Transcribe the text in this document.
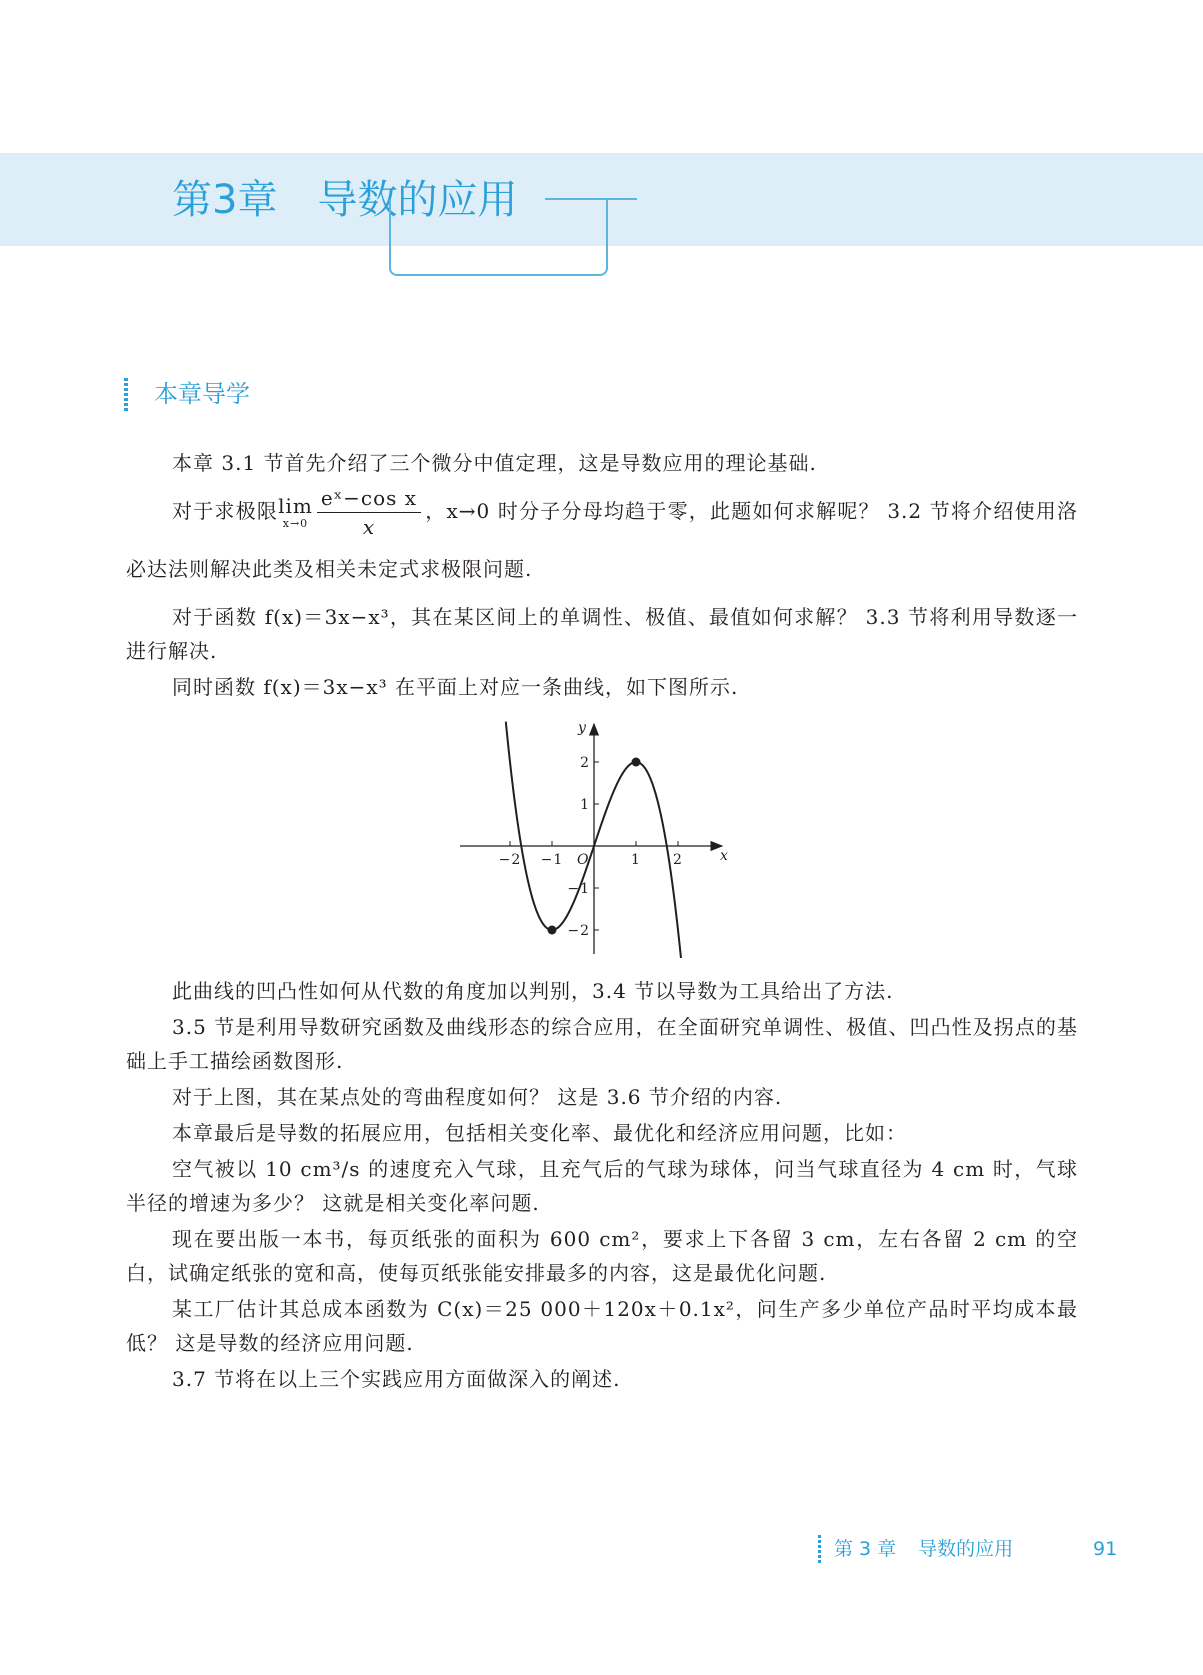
第3章 导数的应用
本章导学

本章 3.1 节首先介绍了三个微分中值定理，这是导数应用的理论基础.

对于求极限 lim
$x\to 0 \frac{\text{eˣ−cos x}}{x}$ ，x→0 时分子分母均趋于零，此题如何求解呢？ 3.2 节将介绍使用洛必达法则解决此类及相关未定式求极限问题.

对于函数 f(x)＝3x−x³，其在某区间上的单调性、极值、最值如何求解？ 3.3 节将利用导数逐一进行解决.

同时函数 f(x)＝3x−x³ 在平面上对应一条曲线，如下图所示.

−2 −1	1 2
2
1
−1
−2
x
y
O

此曲线的凹凸性如何从代数的角度加以判别，3.4 节以导数为工具给出了方法.

3.5 节是利用导数研究函数及曲线形态的综合应用，在全面研究单调性、极值、凹凸性及拐点的基础上手工描绘函数图形.

对于上图，其在某点处的弯曲程度如何？ 这是 3.6 节介绍的内容.

本章最后是导数的拓展应用，包括相关变化率、最优化和经济应用问题，比如：

空气被以 10 cm³/s 的速度充入气球，且充气后的气球为球体，问当气球直径为 4 cm 时，气球半径的增速为多少？ 这就是相关变化率问题.

现在要出版一本书，每页纸张的面积为 600 cm²，要求上下各留 3 cm，左右各留 2 cm 的空白，试确定纸张的宽和高，使每页纸张能安排最多的内容，这是最优化问题.

某工厂估计其总成本函数为 C(x)＝25 000＋120x＋0.1x²，问生产多少单位产品时平均成本最低？ 这是导数的经济应用问题.

3.7 节将在以上三个实践应用方面做深入的阐述.

第 3 章 导数的应用	91
